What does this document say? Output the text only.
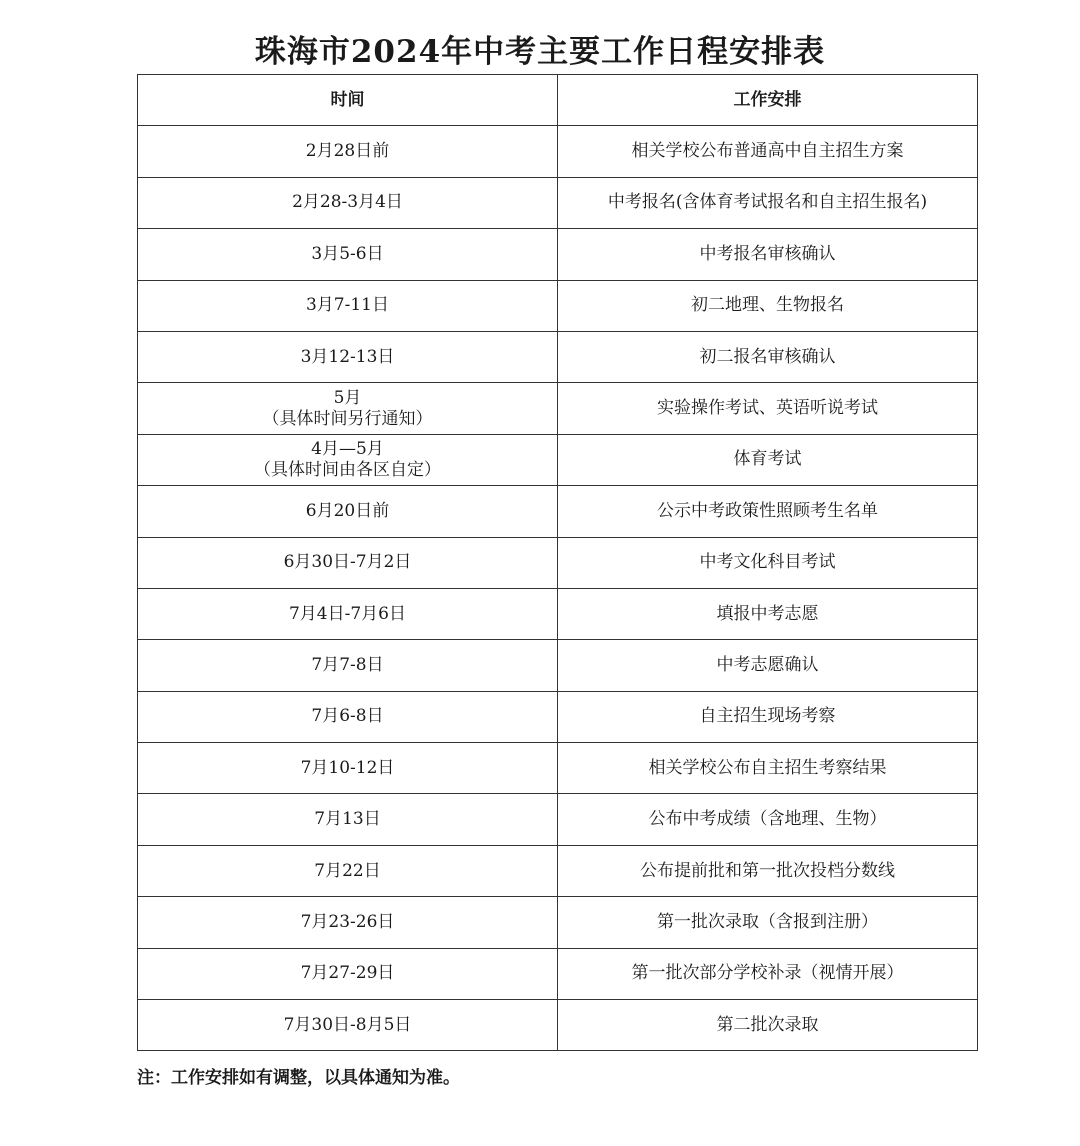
珠海市2024年中考主要工作日程安排表
时间	工作安排

2月28日前	相关学校公布普通高中自主招生方案

2月28-3月4日	中考报名(含体育考试报名和自主招生报名)

3月5-6日	中考报名审核确认

3月7-11日	初二地理、生物报名

3月12-13日	初二报名审核确认

5月
（具体时间另行通知）	实验操作考试、英语听说考试

4月—5月
（具体时间由各区自定）	体育考试

6月20日前	公示中考政策性照顾考生名单

6月30日-7月2日	中考文化科目考试

7月4日-7月6日	填报中考志愿

7月7-8日	中考志愿确认

7月6-8日	自主招生现场考察

7月10-12日	相关学校公布自主招生考察结果

7月13日	公布中考成绩（含地理、生物）

7月22日	公布提前批和第一批次投档分数线

7月23-26日	第一批次录取（含报到注册）

7月27-29日	第一批次部分学校补录（视情开展）

7月30日-8月5日	第二批次录取
注：工作安排如有调整，以具体通知为准。
